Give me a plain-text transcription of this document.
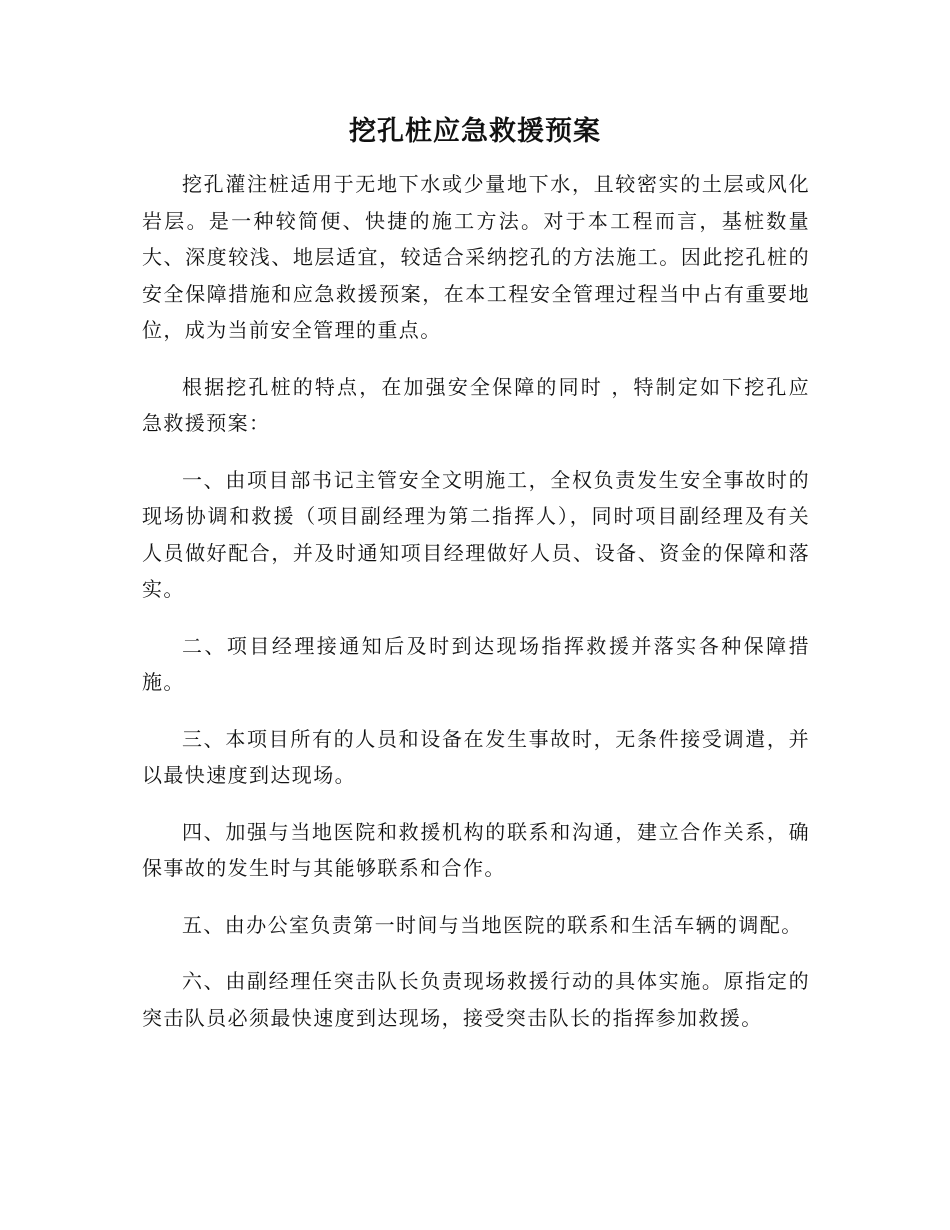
挖孔桩应急救援预案

挖孔灌注桩适用于无地下水或少量地下水，且较密实的土层或风化岩层。是一种较简便、快捷的施工方法。对于本工程而言，基桩数量大、深度较浅、地层适宜，较适合采纳挖孔的方法施工。因此挖孔桩的安全保障措施和应急救援预案，在本工程安全管理过程当中占有重要地位，成为当前安全管理的重点。

根据挖孔桩的特点，在加强安全保障的同时 ，特制定如下挖孔应急救援预案：

一、由项目部书记主管安全文明施工，全权负责发生安全事故时的现场协调和救援（项目副经理为第二指挥人），同时项目副经理及有关人员做好配合，并及时通知项目经理做好人员、设备、资金的保障和落实。

二、项目经理接通知后及时到达现场指挥救援并落实各种保障措施。

三、本项目所有的人员和设备在发生事故时，无条件接受调遣，并以最快速度到达现场。

四、加强与当地医院和救援机构的联系和沟通，建立合作关系，确保事故的发生时与其能够联系和合作。

五、由办公室负责第一时间与当地医院的联系和生活车辆的调配。

六、由副经理任突击队长负责现场救援行动的具体实施。原指定的突击队员必须最快速度到达现场，接受突击队长的指挥参加救援。
